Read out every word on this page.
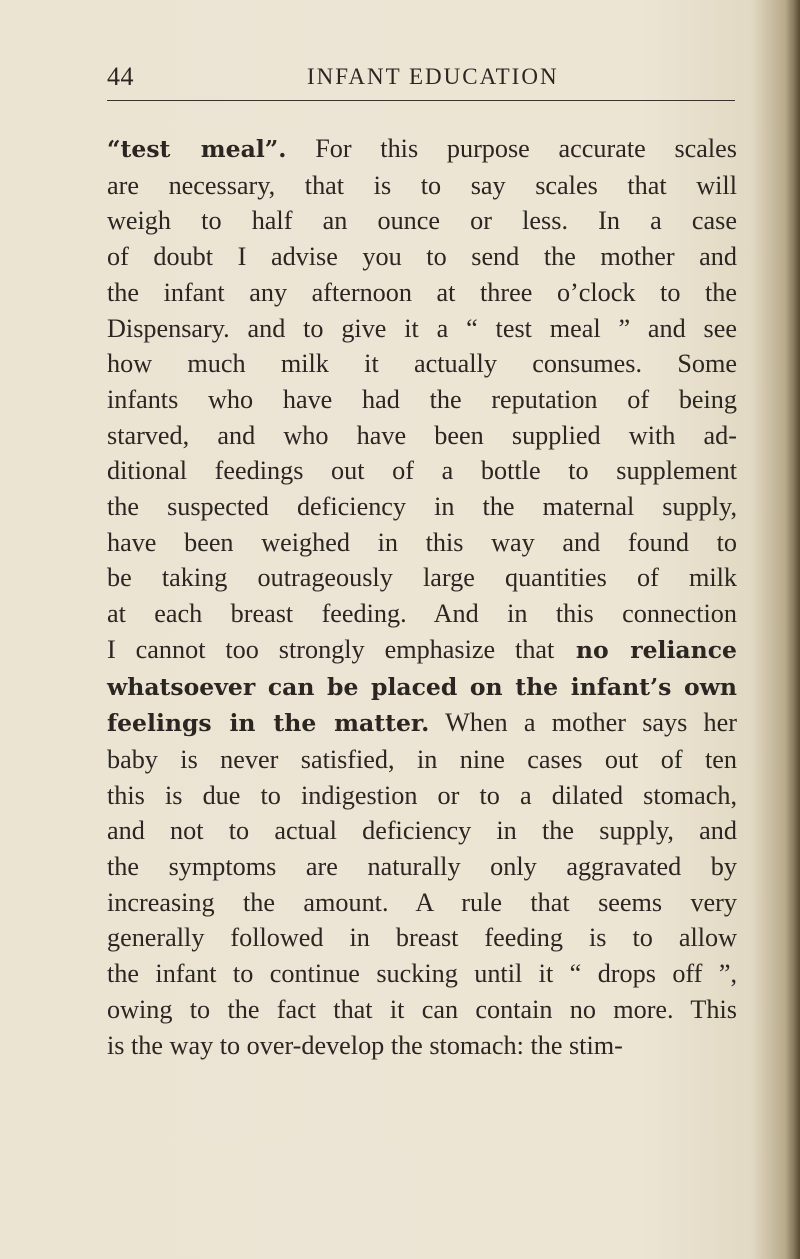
44	INFANT EDUCATION
“test meal”. For this purpose accurate scales
are necessary, that is to say scales that will
weigh to half an ounce or less. In a case
of doubt I advise you to send the mother and
the infant any afternoon at three o’clock to the
Dispensary. and to give it a “ test meal ” and see
how much milk it actually consumes. Some
infants who have had the reputation of being
starved, and who have been supplied with ad-
ditional feedings out of a bottle to supplement
the suspected deficiency in the maternal supply,
have been weighed in this way and found to
be taking outrageously large quantities of milk
at each breast feeding. And in this connection
I cannot too strongly emphasize that no reliance
whatsoever can be placed on the infant’s own
feelings in the matter. When a mother says her
baby is never satisfied, in nine cases out of ten
this is due to indigestion or to a dilated stomach,
and not to actual deficiency in the supply, and
the symptoms are naturally only aggravated by
increasing the amount. A rule that seems very
generally followed in breast feeding is to allow
the infant to continue sucking until it “ drops off ”,
owing to the fact that it can contain no more. This
is the way to over-develop the stomach: the stim-
